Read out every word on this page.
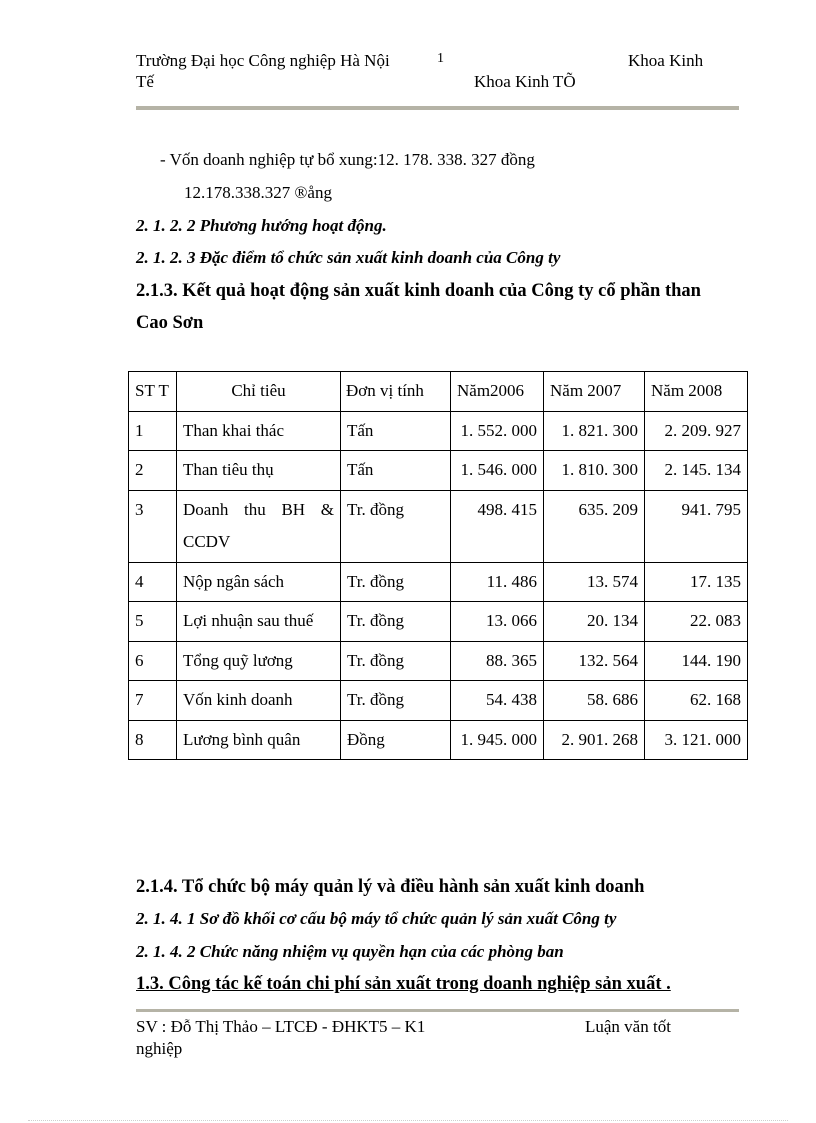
Trường Đại học Công nghiệp Hà Nội	1	Khoa Kinh
Tế	Khoa Kinh TÕ
- Vốn doanh nghiệp tự bổ xung:12. 178. 338. 327 đồng
12.178.338.327 ®ång
2. 1. 2. 2 Phương hướng hoạt động.
2. 1. 2. 3 Đặc điểm tổ chức sản xuất kinh doanh của Công ty
2.1.3. Kết quả hoạt động sản xuất kinh doanh của Công ty cổ phần than
Cao Sơn
ST T	Chỉ tiêu	Đơn vị tính	Năm2006	Năm 2007	Năm 2008
1	Than khai thác	Tấn	1. 552. 000	1. 821. 300	2. 209. 927
2	Than tiêu thụ	Tấn	1. 546. 000	1. 810. 300	2. 145. 134
3	Doanh thu BH & CCDV	Tr. đồng	498. 415	635. 209	941. 795
4	Nộp ngân sách	Tr. đồng	11. 486	13. 574	17. 135
5	Lợi nhuận sau thuế	Tr. đồng	13. 066	20. 134	22. 083
6	Tổng quỹ lương	Tr. đồng	88. 365	132. 564	144. 190
7	Vốn kinh doanh	Tr. đồng	54. 438	58. 686	62. 168
8	Lương bình quân	Đồng	1. 945. 000	2. 901. 268	3. 121. 000
2.1.4. Tổ chức bộ máy quản lý và điều hành sản xuất kinh doanh
2. 1. 4. 1 Sơ đồ khối cơ cấu bộ máy tổ chức quản lý sản xuất Công ty
2. 1. 4. 2 Chức năng nhiệm vụ quyền hạn của các phòng ban
1.3. Công tác kế toán chi phí sản xuất trong doanh nghiệp sản xuất .
SV : Đỗ Thị Thảo – LTCĐ - ĐHKT5 – K1	Luận văn tốt
nghiệp
